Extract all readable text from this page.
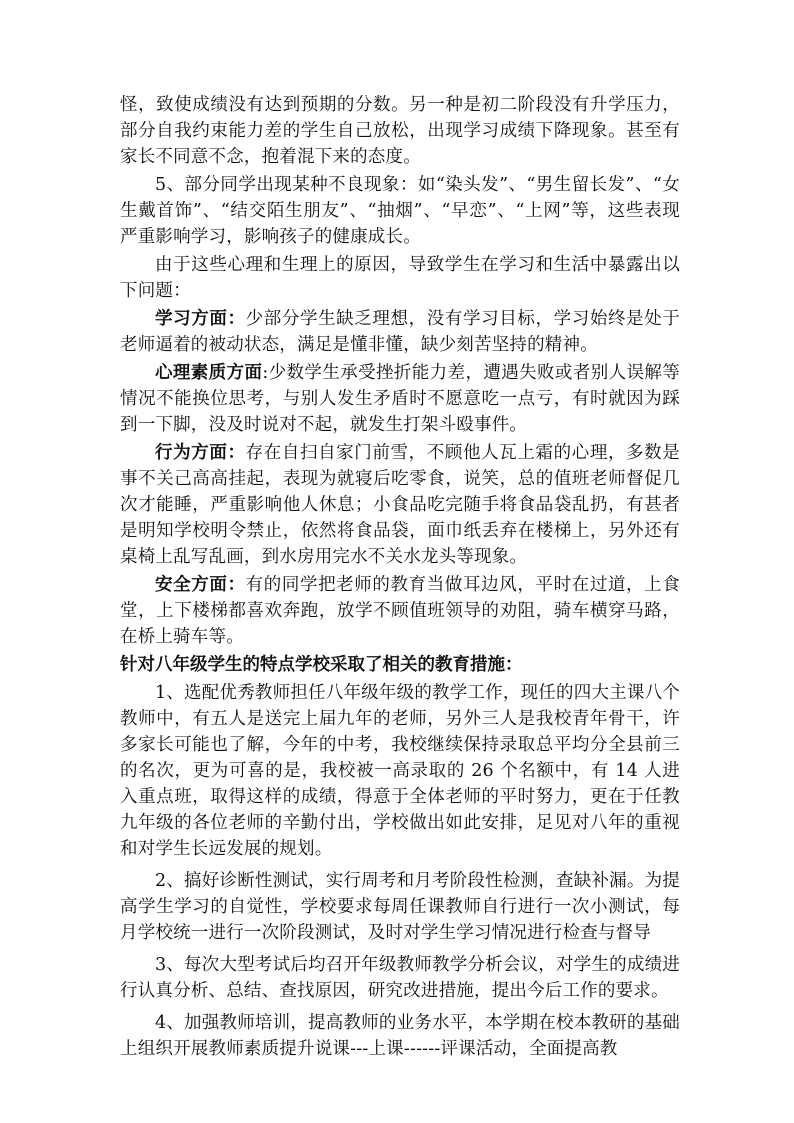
怪，致使成绩没有达到预期的分数。另一种是初二阶段没有升学压力，部分自我约束能力差的学生自己放松，出现学习成绩下降现象。甚至有家长不同意不念，抱着混下来的态度。

5、部分同学出现某种不良现象：如“染头发”、“男生留长发”、“女生戴首饰”、“结交陌生朋友”、“抽烟”、“早恋”、“上网”等，这些表现严重影响学习，影响孩子的健康成长。

由于这些心理和生理上的原因，导致学生在学习和生活中暴露出以下问题：

学习方面：少部分学生缺乏理想，没有学习目标，学习始终是处于老师逼着的被动状态，满足是懂非懂，缺少刻苦坚持的精神。

心理素质方面:少数学生承受挫折能力差，遭遇失败或者别人误解等情况不能换位思考，与别人发生矛盾时不愿意吃一点亏，有时就因为踩到一下脚，没及时说对不起，就发生打架斗殴事件。

行为方面：存在自扫自家门前雪，不顾他人瓦上霜的心理，多数是事不关己高高挂起，表现为就寝后吃零食，说笑，总的值班老师督促几次才能睡，严重影响他人休息；小食品吃完随手将食品袋乱扔，有甚者是明知学校明令禁止，依然将食品袋，面巾纸丢弃在楼梯上，另外还有桌椅上乱写乱画，到水房用完水不关水龙头等现象。

安全方面：有的同学把老师的教育当做耳边风，平时在过道，上食堂，上下楼梯都喜欢奔跑，放学不顾值班领导的劝阻，骑车横穿马路，在桥上骑车等。

针对八年级学生的特点学校采取了相关的教育措施：

1、选配优秀教师担任八年级年级的教学工作，现任的四大主课八个教师中，有五人是送完上届九年的老师，另外三人是我校青年骨干，许多家长可能也了解，今年的中考，我校继续保持录取总平均分全县前三的名次，更为可喜的是，我校被一高录取的 26 个名额中，有 14 人进入重点班，取得这样的成绩，得意于全体老师的平时努力，更在于任教九年级的各位老师的辛勤付出，学校做出如此安排，足见对八年的重视和对学生长远发展的规划。

2、搞好诊断性测试，实行周考和月考阶段性检测，查缺补漏。为提高学生学习的自觉性，学校要求每周任课教师自行进行一次小测试，每月学校统一进行一次阶段测试，及时对学生学习情况进行检查与督导

3、每次大型考试后均召开年级教师教学分析会议，对学生的成绩进行认真分析、总结、查找原因，研究改进措施，提出今后工作的要求。

4、加强教师培训，提高教师的业务水平，本学期在校本教研的基础上组织开展教师素质提升说课---上课------评课活动，全面提高教
